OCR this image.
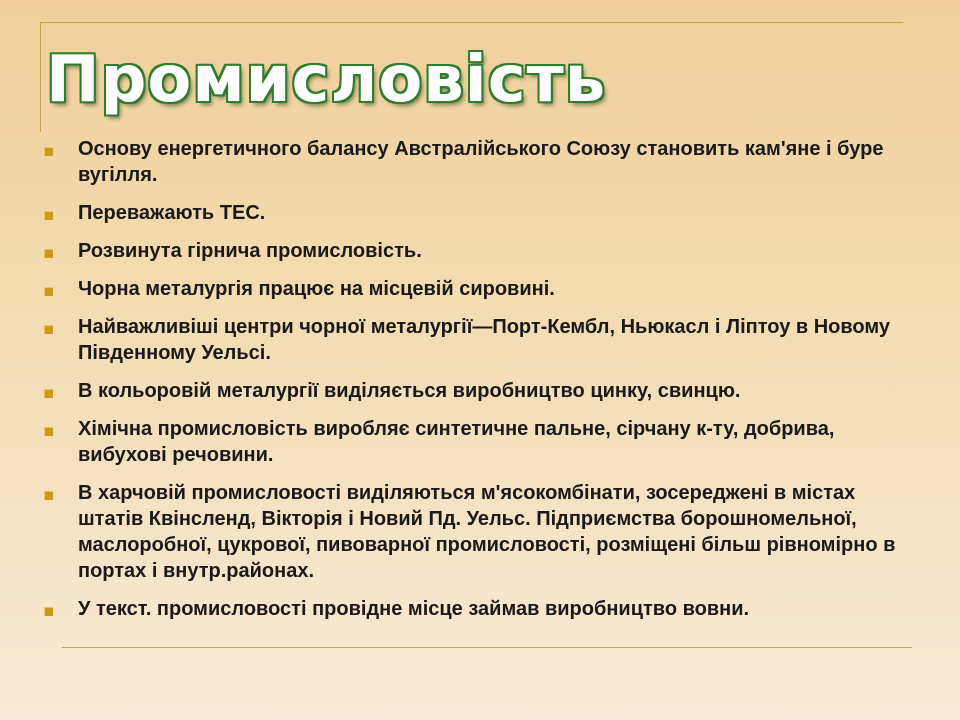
Промисловість
Основу енергетичного балансу Австралійського Союзу становить кам'яне і буре вугілля.
Переважають ТЕС.
Розвинута гірнича промисловість.
Чорна металургія працює на місцевій сировині.
Найважливіші центри чорної металургії—Порт-Кембл, Ньюкасл і Ліптоу в Новому Південному Уельсі.
В кольоровій металургії виділяється виробництво цинку, свинцю.
Хімічна промисловість виробляє синтетичне пальне, сірчану к-ту, добрива, вибухові речовини.
В харчовій промисловості виділяються м'ясокомбінати, зосереджені в містах штатів Квінсленд, Вікторія і Новий Пд. Уельс. Підприємства борошномельної, маслоробної, цукрової, пивоварної промисловості, розміщені більш рівномірно в портах і внутр.районах.
У текст. промисловості провідне місце займав виробництво вовни.
